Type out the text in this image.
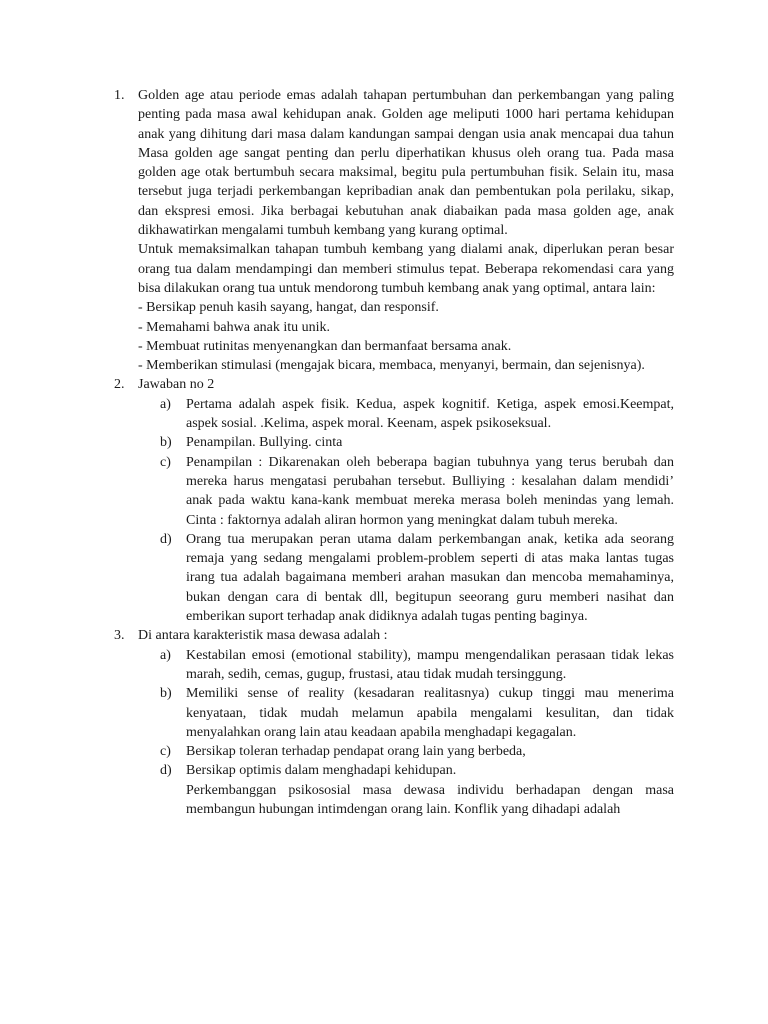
1. Golden age atau periode emas adalah tahapan pertumbuhan dan perkembangan yang paling penting pada masa awal kehidupan anak. Golden age meliputi 1000 hari pertama kehidupan anak yang dihitung dari masa dalam kandungan sampai dengan usia anak mencapai dua tahun Masa golden age sangat penting dan perlu diperhatikan khusus oleh orang tua. Pada masa golden age otak bertumbuh secara maksimal, begitu pula pertumbuhan fisik. Selain itu, masa tersebut juga terjadi perkembangan kepribadian anak dan pembentukan pola perilaku, sikap, dan ekspresi emosi. Jika berbagai kebutuhan anak diabaikan pada masa golden age, anak dikhawatirkan mengalami tumbuh kembang yang kurang optimal.

Untuk memaksimalkan tahapan tumbuh kembang yang dialami anak, diperlukan peran besar orang tua dalam mendampingi dan memberi stimulus tepat. Beberapa rekomendasi cara yang bisa dilakukan orang tua untuk mendorong tumbuh kembang anak yang optimal, antara lain:

- Bersikap penuh kasih sayang, hangat, dan responsif.

- Memahami bahwa anak itu unik.

- Membuat rutinitas menyenangkan dan bermanfaat bersama anak.

- Memberikan stimulasi (mengajak bicara, membaca, menyanyi, bermain, dan sejenisnya).

2. Jawaban no 2

a) Pertama adalah aspek fisik. Kedua, aspek kognitif. Ketiga, aspek emosi.Keempat, aspek sosial. .Kelima, aspek moral. Keenam, aspek psikoseksual.
b) Penampilan. Bullying. cinta
c) Penampilan : Dikarenakan oleh beberapa bagian tubuhnya yang terus berubah dan mereka harus mengatasi perubahan tersebut. Bulliying : kesalahan dalam mendidi’ anak pada waktu kana-kank membuat mereka merasa boleh menindas yang lemah. Cinta : faktornya adalah aliran hormon yang meningkat dalam tubuh mereka.
d) Orang tua merupakan peran utama dalam perkembangan anak, ketika ada seorang remaja yang sedang mengalami problem-problem seperti di atas maka lantas tugas irang tua adalah bagaimana memberi arahan masukan dan mencoba memahaminya, bukan dengan cara di bentak dll, begitupun seeorang guru memberi nasihat dan emberikan suport terhadap anak didiknya adalah tugas penting baginya.
3. Di antara karakteristik masa dewasa adalah :

a) Kestabilan emosi (emotional stability), mampu mengendalikan perasaan tidak lekas marah, sedih, cemas, gugup, frustasi, atau tidak mudah tersinggung.
b) Memiliki sense of reality (kesadaran realitasnya) cukup tinggi mau menerima kenyataan, tidak mudah melamun apabila mengalami kesulitan, dan tidak menyalahkan orang lain atau keadaan apabila menghadapi kegagalan.
c) Bersikap toleran terhadap pendapat orang lain yang berbeda,
d) Bersikap optimis dalam menghadapi kehidupan.

Perkembanggan psikososial masa dewasa individu berhadapan dengan masa membangun hubungan intimdengan orang lain. Konflik yang dihadapi adalah
